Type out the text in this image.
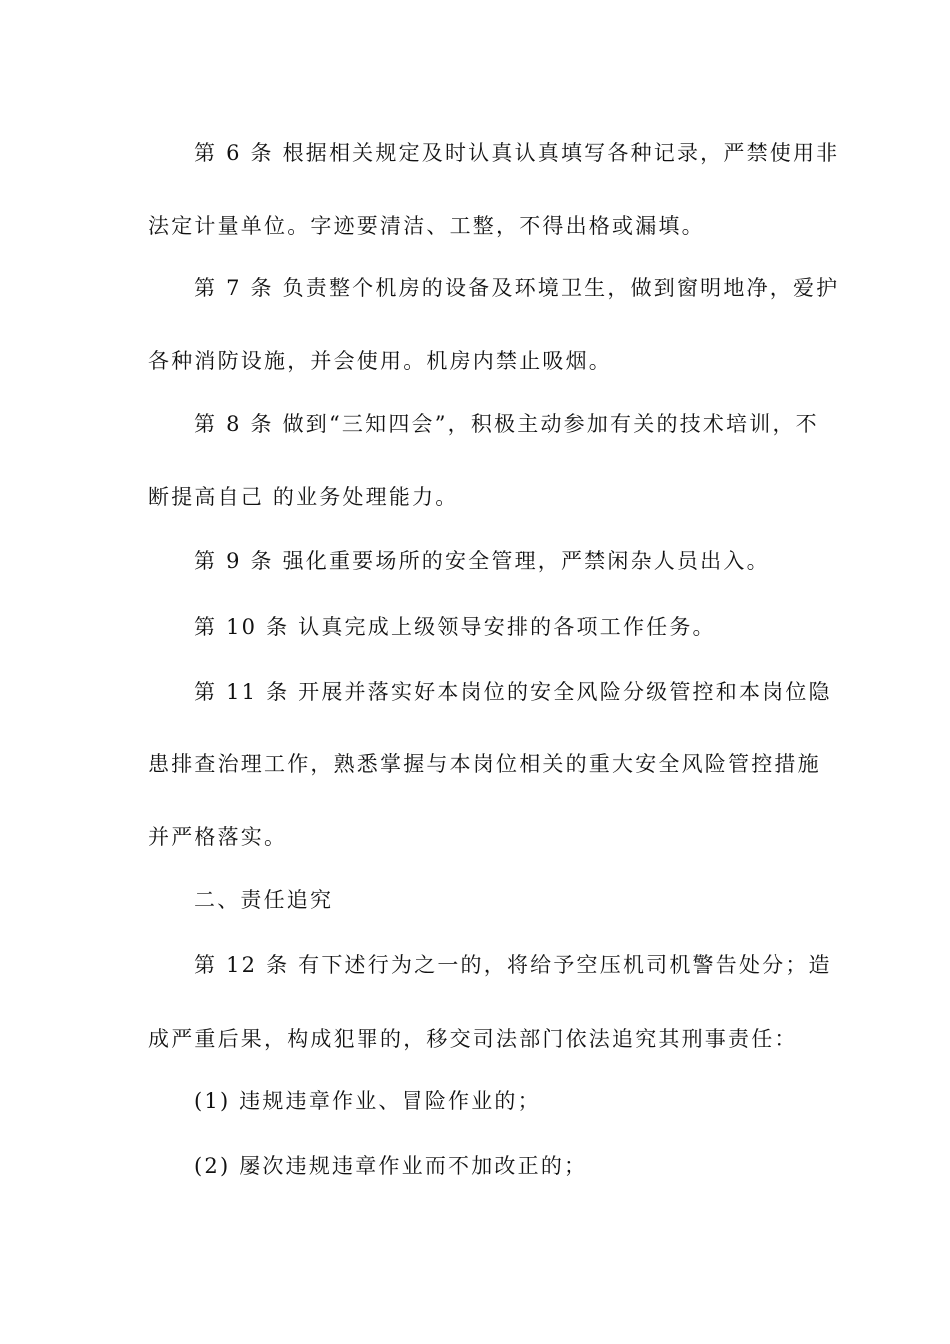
第 6 条 根据相关规定及时认真认真填写各种记录，严禁使用非
法定计量单位。字迹要清洁、工整，不得出格或漏填。
第 7 条 负责整个机房的设备及环境卫生，做到窗明地净，爱护
各种消防设施，并会使用。机房内禁止吸烟。
第 8 条 做到“三知四会”，积极主动参加有关的技术培训，不
断提高自己 的业务处理能力。
第 9 条 强化重要场所的安全管理，严禁闲杂人员出入。
第 10 条 认真完成上级领导安排的各项工作任务。
第 11 条 开展并落实好本岗位的安全风险分级管控和本岗位隐
患排查治理工作，熟悉掌握与本岗位相关的重大安全风险管控措施
并严格落实。
二、责任追究
第 12 条 有下述行为之一的，将给予空压机司机警告处分；造
成严重后果，构成犯罪的，移交司法部门依法追究其刑事责任：
(1) 违规违章作业、冒险作业的；
(2) 屡次违规违章作业而不加改正的；
